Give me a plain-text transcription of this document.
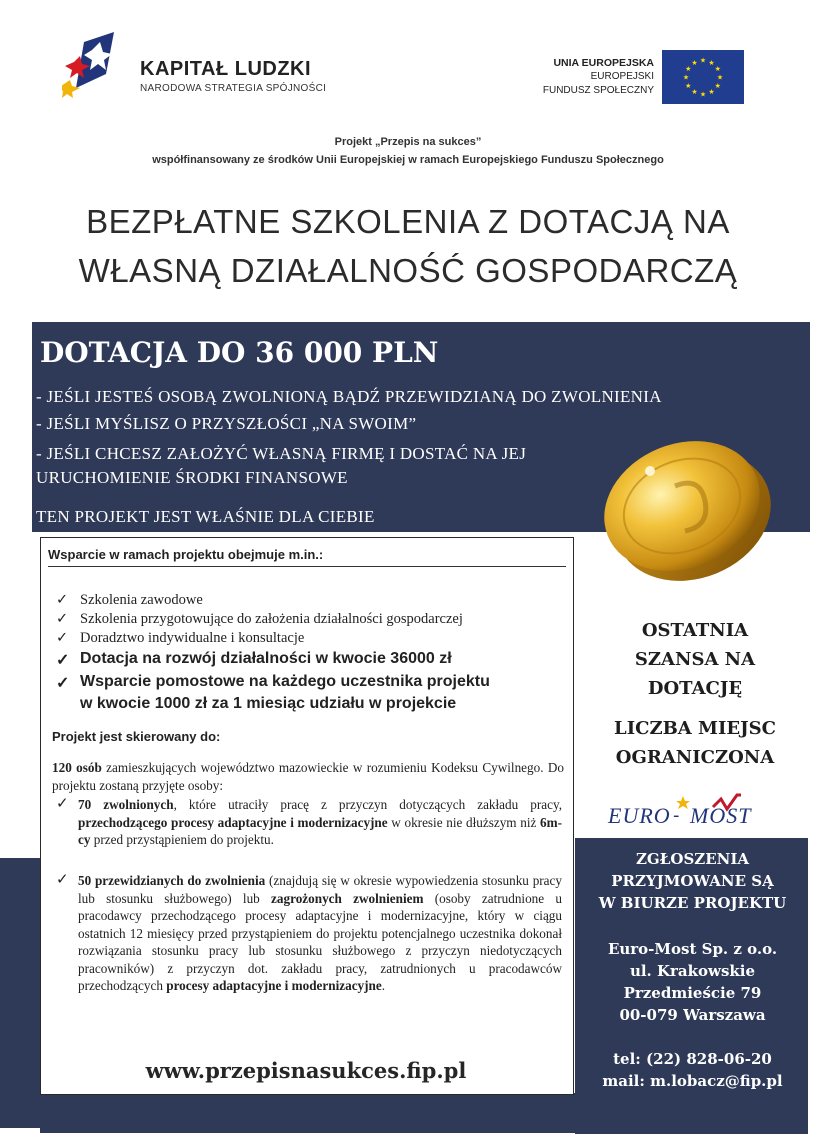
KAPITAŁ LUDZKI
NARODOWA STRATEGIA SPÓJNOŚCI
UNIA EUROPEJSKA
EUROPEJSKI
FUNDUSZ SPOŁECZNY
★ ★
★
★
★
★
★
★
★
★
★
★
Projekt „Przepis na sukces”
współfinansowany ze środków Unii Europejskiej w ramach Europejskiego Funduszu Społecznego
BEZPŁATNE SZKOLENIA Z DOTACJĄ NA
WŁASNĄ DZIAŁALNOŚĆ GOSPODARCZĄ
DOTACJA DO 36 000 PLN
- JEŚLI JESTEŚ OSOBĄ ZWOLNIONĄ BĄDŹ PRZEWIDZIANĄ DO ZWOLNIENIA
- JEŚLI MYŚLISZ O PRZYSZŁOŚCI „NA SWOIM”
- JEŚLI CHCESZ ZAŁOŻYĆ WŁASNĄ FIRMĘ I DOSTAĆ NA JEJ
URUCHOMIENIE ŚRODKI FINANSOWE
TEN PROJEKT JEST WŁAŚNIE DLA CIEBIE
Wsparcie w ramach projektu obejmuje m.in.:
✓ Szkolenia zawodowe
✓ Szkolenia przygotowujące do założenia działalności gospodarczej
✓ Doradztwo indywidualne i konsultacje
✓ Dotacja na rozwój działalności w kwocie 36000 zł
✓ Wsparcie pomostowe na każdego uczestnika projektu
w kwocie 1000 zł za 1 miesiąc udziału w projekcie
Projekt jest skierowany do:
120 osób zamieszkujących województwo mazowieckie w rozumieniu Kodeksu Cywilnego. Do projektu zostaną przyjęte osoby:
✓ 70 zwolnionych, które utraciły pracę z przyczyn dotyczących zakładu pracy, przechodzącego procesy adaptacyjne i modernizacyjne w okresie nie dłuższym niż 6m-cy przed przystąpieniem do projektu.
✓ 50 przewidzianych do zwolnienia (znajdują się w okresie wypowiedzenia stosunku pracy lub stosunku służbowego) lub zagrożonych zwolnieniem (osoby zatrudnione u pracodawcy przechodzącego procesy adaptacyjne i modernizacyjne, który w ciągu ostatnich 12 miesięcy przed przystąpieniem do projektu potencjalnego uczestnika dokonał rozwiązania stosunku pracy lub stosunku służbowego z przyczyn niedotyczących pracowników) z przyczyn dot. zakładu pracy, zatrudnionych u pracodawców przechodzących procesy adaptacyjne i modernizacyjne.
www.przepisnasukces.fip.pl
OSTATNIA
SZANSA NA
DOTACJĘ
LICZBA MIEJSC
OGRANICZONA
EURO - MOST
ZGŁOSZENIA
PRZYJMOWANE SĄ
W BIURZE PROJEKTU
Euro-Most Sp. z o.o.
ul. Krakowskie
Przedmieście 79
00-079 Warszawa
tel: (22) 828-06-20
mail: m.lobacz@fip.pl
